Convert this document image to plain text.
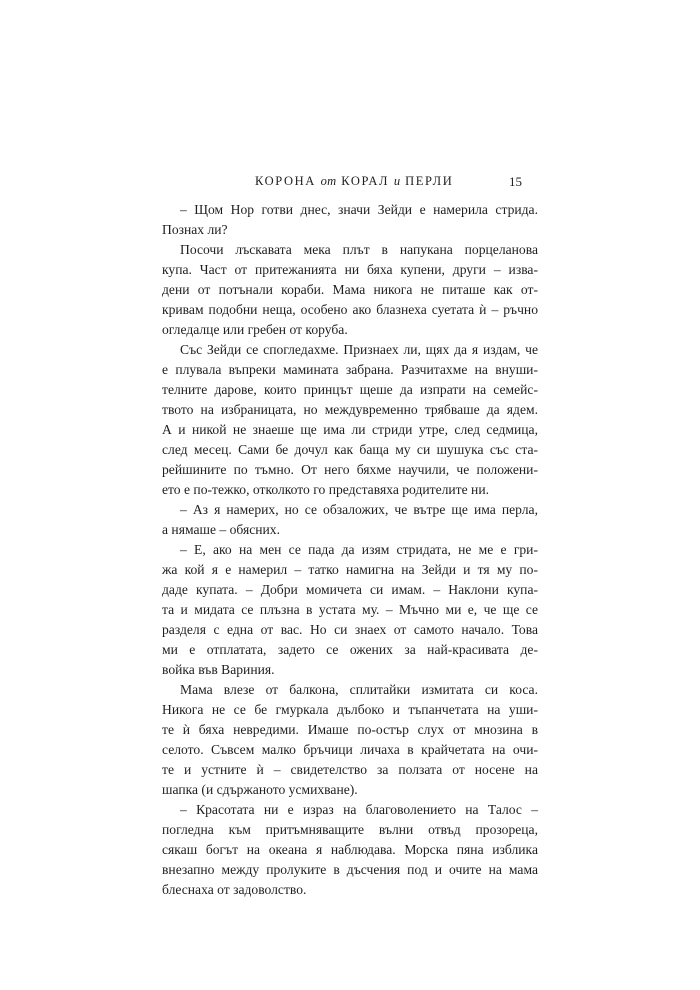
КОРОНА от КОРАЛ и ПЕРЛИ	15
– Щом Нор готви днес, значи Зейди е намерила стрида.
Познах ли?
Посочи лъскавата мека плът в напукана порцеланова
купа. Част от притежанията ни бяха купени, други – изва-
дени от потънали кораби. Мама никога не питаше как от-
кривам подобни неща, особено ако блазнеха суетата ѝ – ръчно
огледалце или гребен от коруба.
Със Зейди се спогледахме. Признаех ли, щях да я издам, че
е плувала въпреки мамината забрана. Разчитахме на внуши-
телните дарове, които принцът щеше да изпрати на семейс-
твото на избраницата, но междувременно трябваше да ядем.
А и никой не знаеше ще има ли стриди утре, след седмица,
след месец. Сами бе дочул как баща му си шушука със ста-
рейшините по тъмно. От него бяхме научили, че положени-
ето е по-тежко, отколкото го представяха родителите ни.
– Аз я намерих, но се обзаложих, че вътре ще има перла,
а нямаше – обясних.
– Е, ако на мен се пада да изям стридата, не ме е гри-
жа кой я е намерил – татко намигна на Зейди и тя му по-
даде купата. – Добри момичета си имам. – Наклони купа-
та и мидата се плъзна в устата му. – Мъчно ми е, че ще се
разделя с една от вас. Но си знаех от самото начало. Това
ми е отплатата, задето се ожених за най-красивата де-
войка във Вариния.
Мама влезе от балкона, сплитайки измитата си коса.
Никога не се бе гмуркала дълбоко и тъпанчетата на уши-
те ѝ бяха невредими. Имаше по-остър слух от мнозина в
селото. Съвсем малко бръчици личаха в крайчетата на очи-
те и устните ѝ – свидетелство за ползата от носене на
шапка (и сдържаното усмихване).
– Красотата ни е израз на благоволението на Талос –
погледна към притъмняващите вълни отвъд прозореца,
сякаш богът на океана я наблюдава. Морска пяна изблика
внезапно между пролуките в дъсчения под и очите на мама
блеснаха от задоволство.
